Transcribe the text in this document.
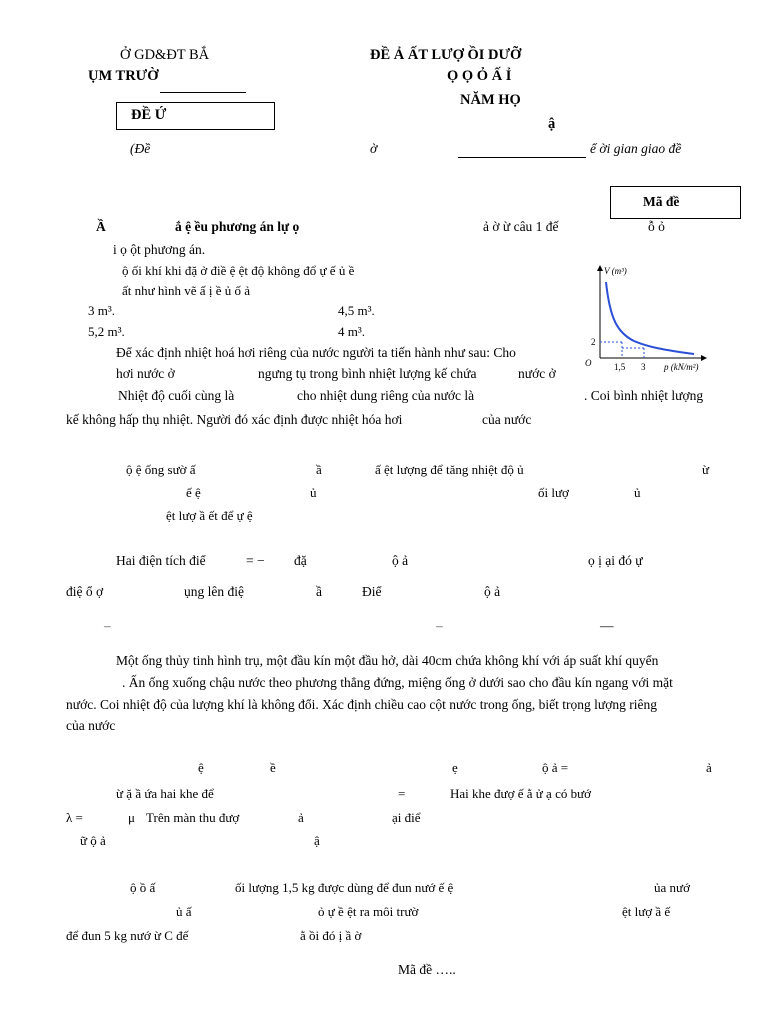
Ở GD&ĐT BẮ
ỤM TRƯỜ
ĐỀ Ả ẤT LƯỢ ỒI DƯỠ
Ọ Ọ Ỏ Ấ Ỉ
NĂM HỌ
ậ
ĐỀ Ứ
(Đề	ờ	ể ời gian giao đề
Mã đề
Ầ	ắ ệ ều phương án lự ọ	ả ờ ừ câu 1 đế	ỗ ỏ
i ọ ột phương án.
ộ ối khí khi đặ ở điề ệ ệt độ không đổ ự ế ủ ề
ất như hình vẽ ấ ị ề ủ ố ả
3 m³.	4,5 m³.
5,2 m³.	4 m³.
V (m³)
O
2
1,5 3 p (kN/m²)
Để xác định nhiệt hoá hơi riêng của nước người ta tiến hành như sau: Cho
hơi nước ở	ngưng tụ trong bình nhiệt lượng kế chứa	nước ở
Nhiệt độ cuối cùng là	cho nhiệt dung riêng của nước là	. Coi bình nhiệt lượng
kế không hấp thụ nhiệt. Người đó xác định được nhiệt hóa hơi	của nước
ộ ệ ống sườ ấ	ầ	ấ ệt lượng để tăng nhiệt độ ủ	ừ
ế ệ	ủ	ối lượ	ủ
ệt lượ ầ ết để ự ệ
Hai điện tích điể	= − đặ	ộ ả	ọ ị ại đó ự
điệ ổ ợ	ụng lên điệ	ầ	Điể	ộ ả
–	–	—
Một ống thủy tinh hình trụ, một đầu kín một đầu hở, dài 40cm chứa không khí với áp suất khí quyển
. Ấn ống xuống chậu nước theo phương thẳng đứng, miệng ống ở dưới sao cho đầu kín ngang với mặt
nước. Coi nhiệt độ của lượng khí là không đổi. Xác định chiều cao cột nước trong ống, biết trọng lượng riêng
của nước
ệ	ề	ẹ	ộ ả =	ả
ừ ặ ầ ứa hai khe để	=	Hai khe đượ ế ằ ử ạ có bướ
λ =	μ Trên màn thu đượ	ả	ại điể
ữ ộ ả	ậ
ộ ồ ấ	ối lượng 1,5 kg được dùng để đun nướ ế ệ	ủa nướ
ủ ấ	ỏ ự ề ệt ra môi trườ	ệt lượ ầ ế
để đun 5 kg nướ ừ C đế	ằ ồi đó ị ầ ờ
Mã đề …..
